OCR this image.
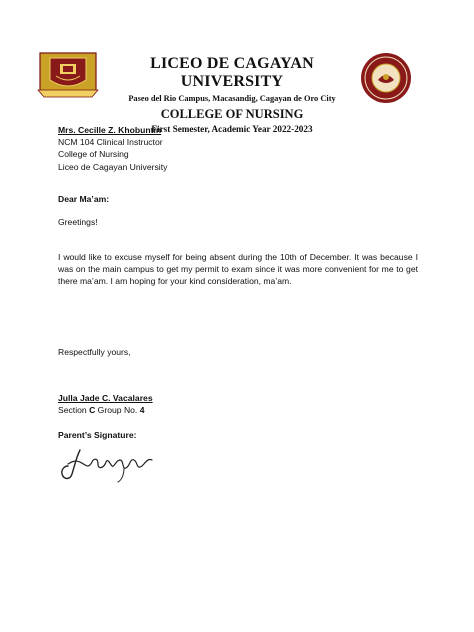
LICEO DE CAGAYAN UNIVERSITY
Paseo del Rio Campus, Macasandig, Cagayan de Oro City
COLLEGE OF NURSING
First Semester, Academic Year 2022-2023
Mrs. Cecille Z. Khobuntin
NCM 104 Clinical Instructor
College of Nursing
Liceo de Cagayan University
Dear Ma’am:
Greetings!
I would like to excuse myself for being absent during the 10th of December. It was because I was on the main campus to get my permit to exam since it was more convenient for me to get there ma’am. I am hoping for your kind consideration, ma’am.
Respectfully yours,
Julla Jade C. Vacalares
Section C Group No. 4
Parent’s Signature:
